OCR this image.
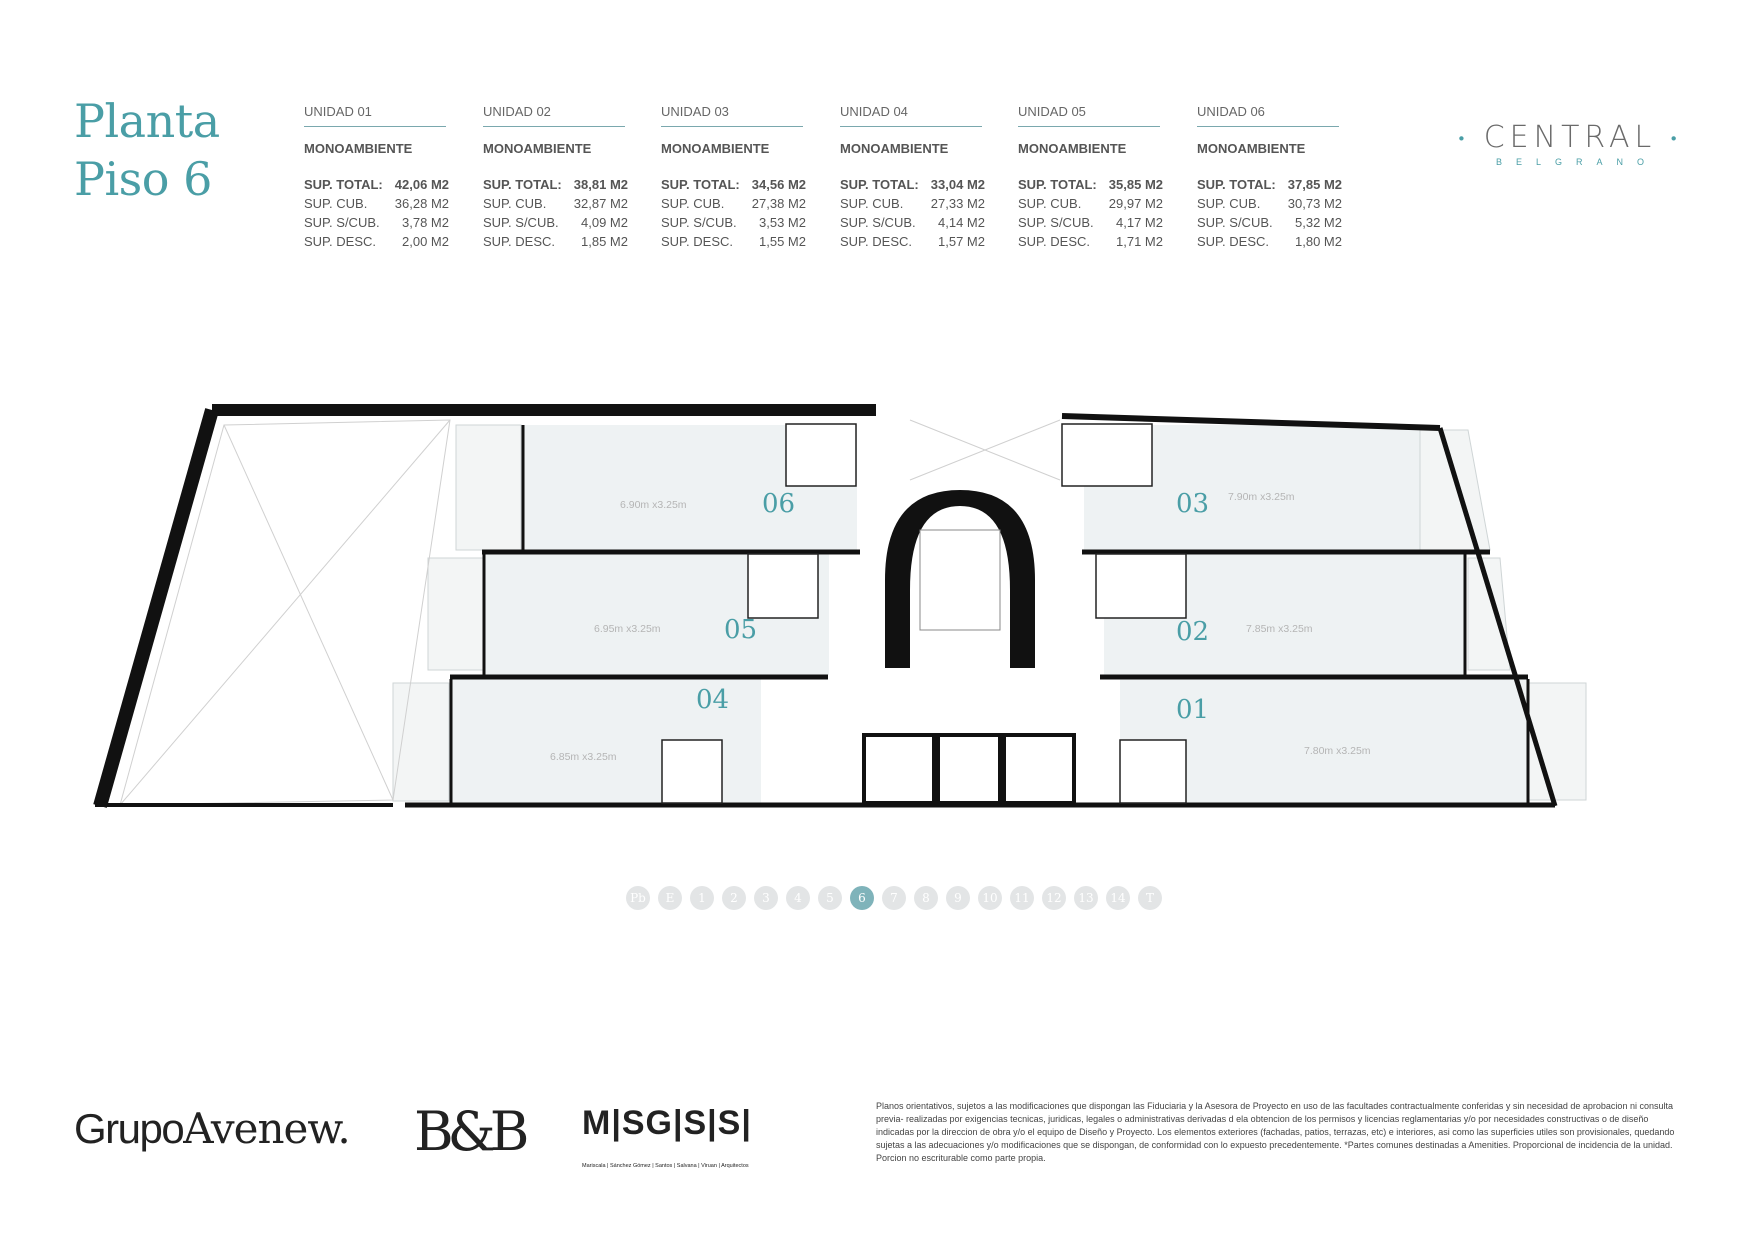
Planta
Piso 6
UNIDAD 01
MONOAMBIENTE
SUP. TOTAL: 42,06 M2
SUP. CUB. 36,28 M2
SUP. S/CUB. 3,78 M2
SUP. DESC. 2,00 M2
UNIDAD 02
MONOAMBIENTE
SUP. TOTAL: 38,81 M2
SUP. CUB. 32,87 M2
SUP. S/CUB. 4,09 M2
SUP. DESC. 1,85 M2
UNIDAD 03
MONOAMBIENTE
SUP. TOTAL: 34,56 M2
SUP. CUB. 27,38 M2
SUP. S/CUB. 3,53 M2
SUP. DESC. 1,55 M2
UNIDAD 04
MONOAMBIENTE
SUP. TOTAL: 33,04 M2
SUP. CUB. 27,33 M2
SUP. S/CUB. 4,14 M2
SUP. DESC. 1,57 M2
UNIDAD 05
MONOAMBIENTE
SUP. TOTAL: 35,85 M2
SUP. CUB. 29,97 M2
SUP. S/CUB. 4,17 M2
SUP. DESC. 1,71 M2
UNIDAD 06
MONOAMBIENTE
SUP. TOTAL: 37,85 M2
SUP. CUB. 30,73 M2
SUP. S/CUB. 5,32 M2
SUP. DESC. 1,80 M2
• CENTRAL •
BELGRANO
06
05
04
03
02
01
6.90m x3.25m
6.95m x3.25m
6.85m x3.25m
7.90m x3.25m
7.85m x3.25m
7.80m x3.25m
Pb	E	1	2	3	4	5	6	7	8	9	10	11	12	13	14	T
GrupoAvenew. B&B M|SG|S|S|
Mariscala | Sánchez Gómez | Santos | Salvana | Viruan | Arquitectos
Planos orientativos, sujetos a las modificaciones que dispongan las Fiduciaria y la Asesora de Proyecto en uso de las facultades contractualmente conferidas y sin necesidad de aprobacion ni consulta previa- realizadas por exigencias tecnicas, juridicas, legales o administrativas derivadas d ela obtencion de los permisos y licencias reglamentarias y/o por necesidades constructivas o de diseño indicadas por la direccion de obra y/o el equipo de Diseño y Proyecto. Los elementos exteriores (fachadas, patios, terrazas, etc) e interiores, asi como las superficies utiles son provisionales, quedando sujetas a las adecuaciones y/o modificaciones que se dispongan, de conformidad con lo expuesto precedentemente. *Partes comunes destinadas a Amenities. Proporcional de incidencia de la unidad. Porcion no escriturable como parte propia.
